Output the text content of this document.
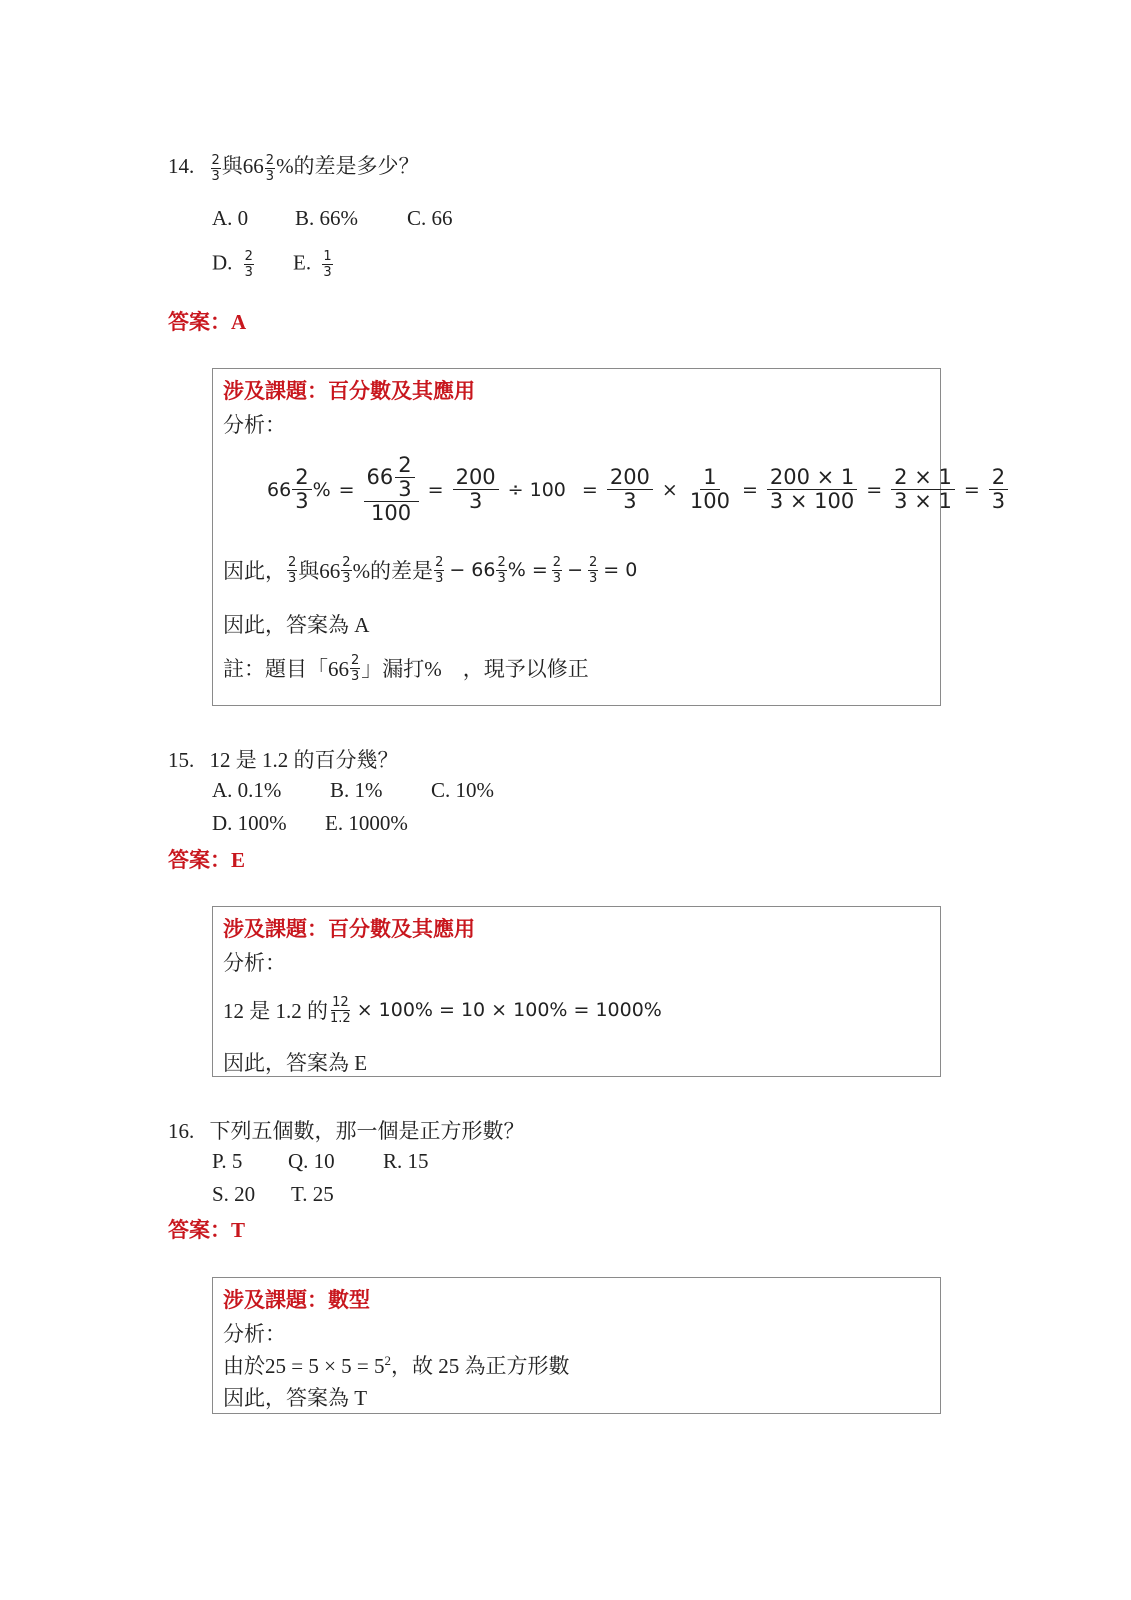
14. $\frac{2}{3}$ 與$66 \frac{2}{3}$ %的差是多少？
A. 0 B. 66% C. 66
D. $\frac{2}{3} E$. $\frac{1}{3}$
答案：A
涉及課題：百分數及其應用
分析：
$66 \frac{2}{3}$ % = $\frac{66 \frac{2}{3}}{100} = \frac{200}{3} \div 100 = \frac{200}{3} \times \frac{1}{100} = \frac{200 \times 1}{3 \times 100} = \frac{2 \times 1}{3 \times 1} = \frac{2}{3}$
因此， $\frac{2}{3}$ 與$66 \frac{2}{3}$ %的差是 $\frac{2}{3} - 66 \frac{2}{3}$ % = $\frac{2}{3} - \frac{2}{3} = 0$
因此，答案為 A
註：題目「$66 \frac{2}{3}$ 」漏打%　，現予以修正
15. 12 是 1.2 的百分幾？
A. 0.1% B. 1% C. 10%
D. 100% E. 1000%
答案：E
涉及課題：百分數及其應用
分析：
12 是 1.2 的 $\frac{12}{1.2} \times 100\% = 10 \times 100\% = 1000\%$
因此，答案為 E
16. 下列五個數，那一個是正方形數？
P. 5 Q. 10 R. 15
S. 20 T. 25
答案：T
涉及課題：數型
分析：
由於$25 = 5 \times 5 = 5^2$，故 25 為正方形數
因此，答案為 T
